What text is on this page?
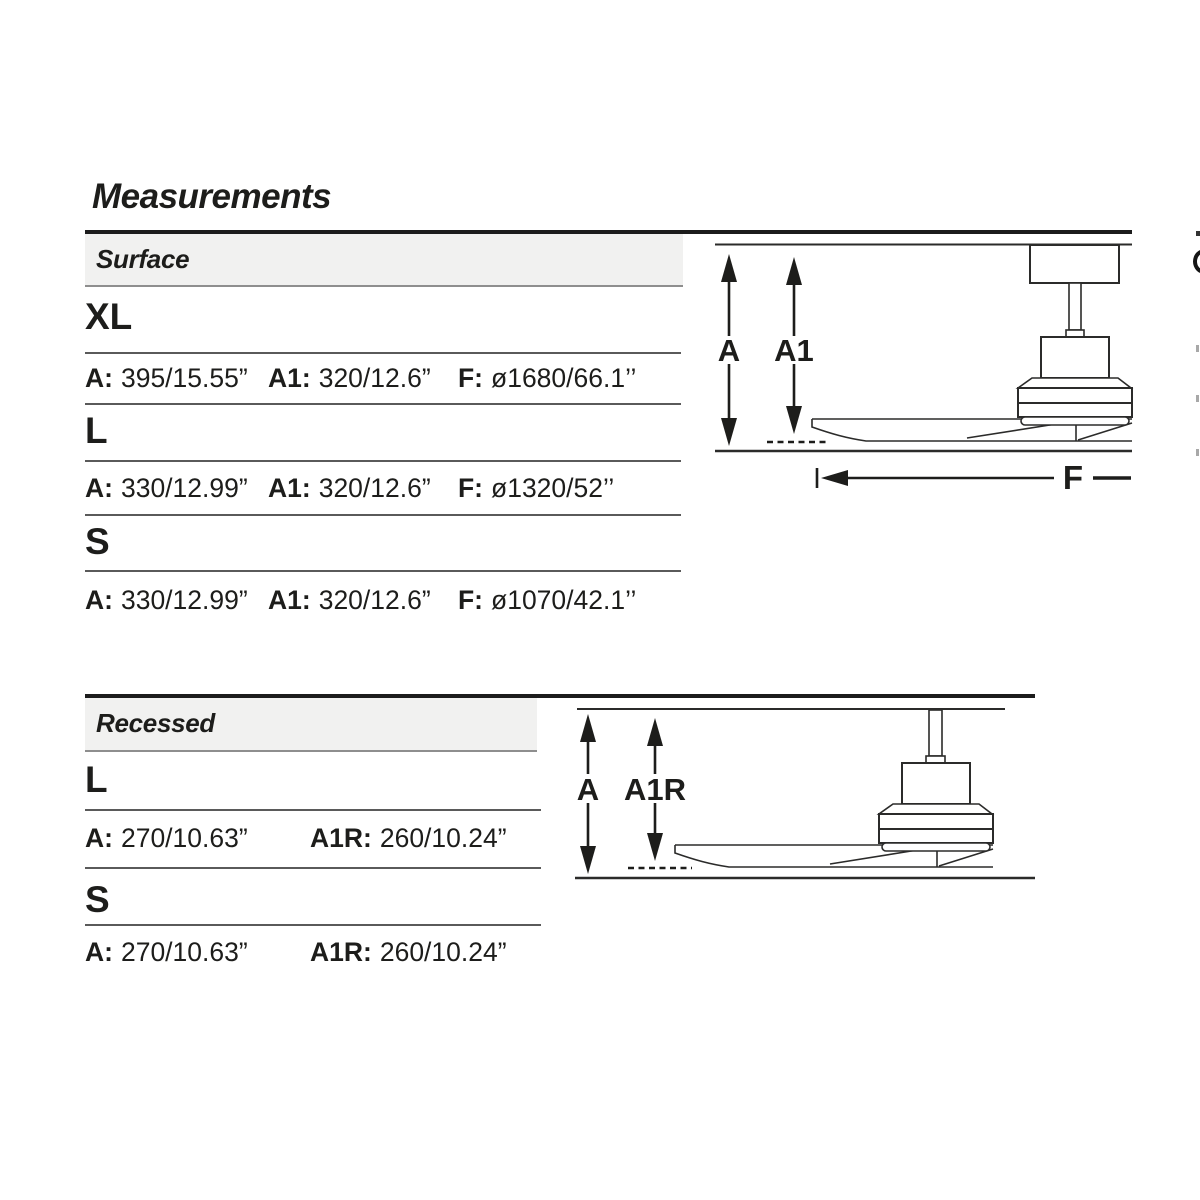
Measurements
Surface
XL
A: 395/15.55” A1: 320/12.6” F: ø1680/66.1’’
L
A: 330/12.99” A1: 320/12.6” F: ø1320/52’’
S
A: 330/12.99” A1: 320/12.6” F: ø1070/42.1’’
A A1
F
Recessed
L
A: 270/10.63” A1R: 260/10.24”
S
A: 270/10.63” A1R: 260/10.24”
A A1R
